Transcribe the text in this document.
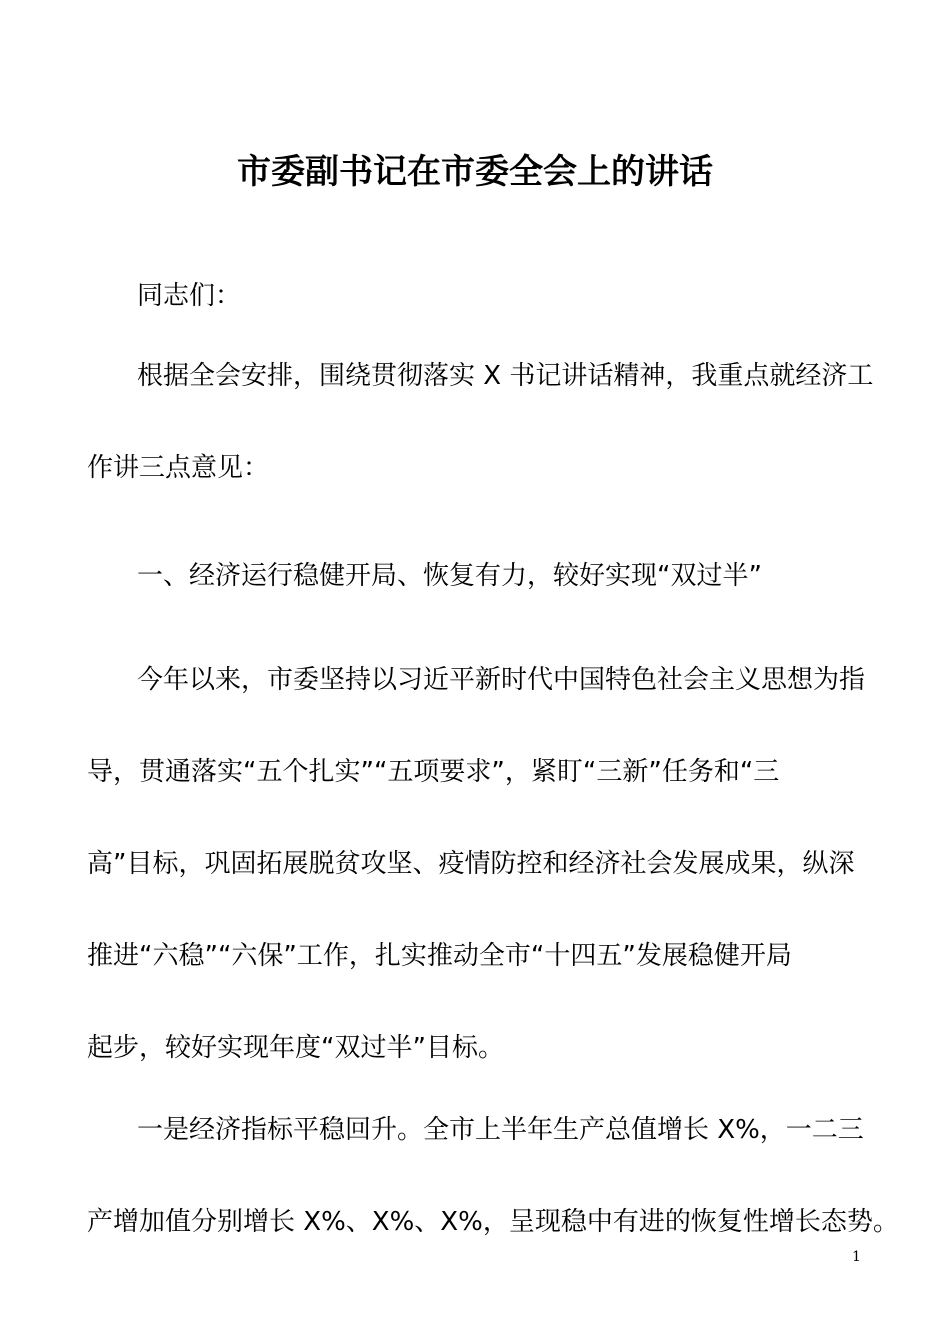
市委副书记在市委全会上的讲话
同志们：
根据全会安排，围绕贯彻落实 X 书记讲话精神，我重点就经济工
作讲三点意见：
一、经济运行稳健开局、恢复有力，较好实现“双过半”
今年以来，市委坚持以习近平新时代中国特色社会主义思想为指
导，贯通落实“五个扎实”“五项要求”，紧盯“三新”任务和“三
高”目标，巩固拓展脱贫攻坚、疫情防控和经济社会发展成果，纵深
推进“六稳”“六保”工作，扎实推动全市“十四五”发展稳健开局
起步，较好实现年度“双过半”目标。
一是经济指标平稳回升。全市上半年生产总值增长 X%，一二三
产增加值分别增长 X%、X%、X%，呈现稳中有进的恢复性增长态势。
1
